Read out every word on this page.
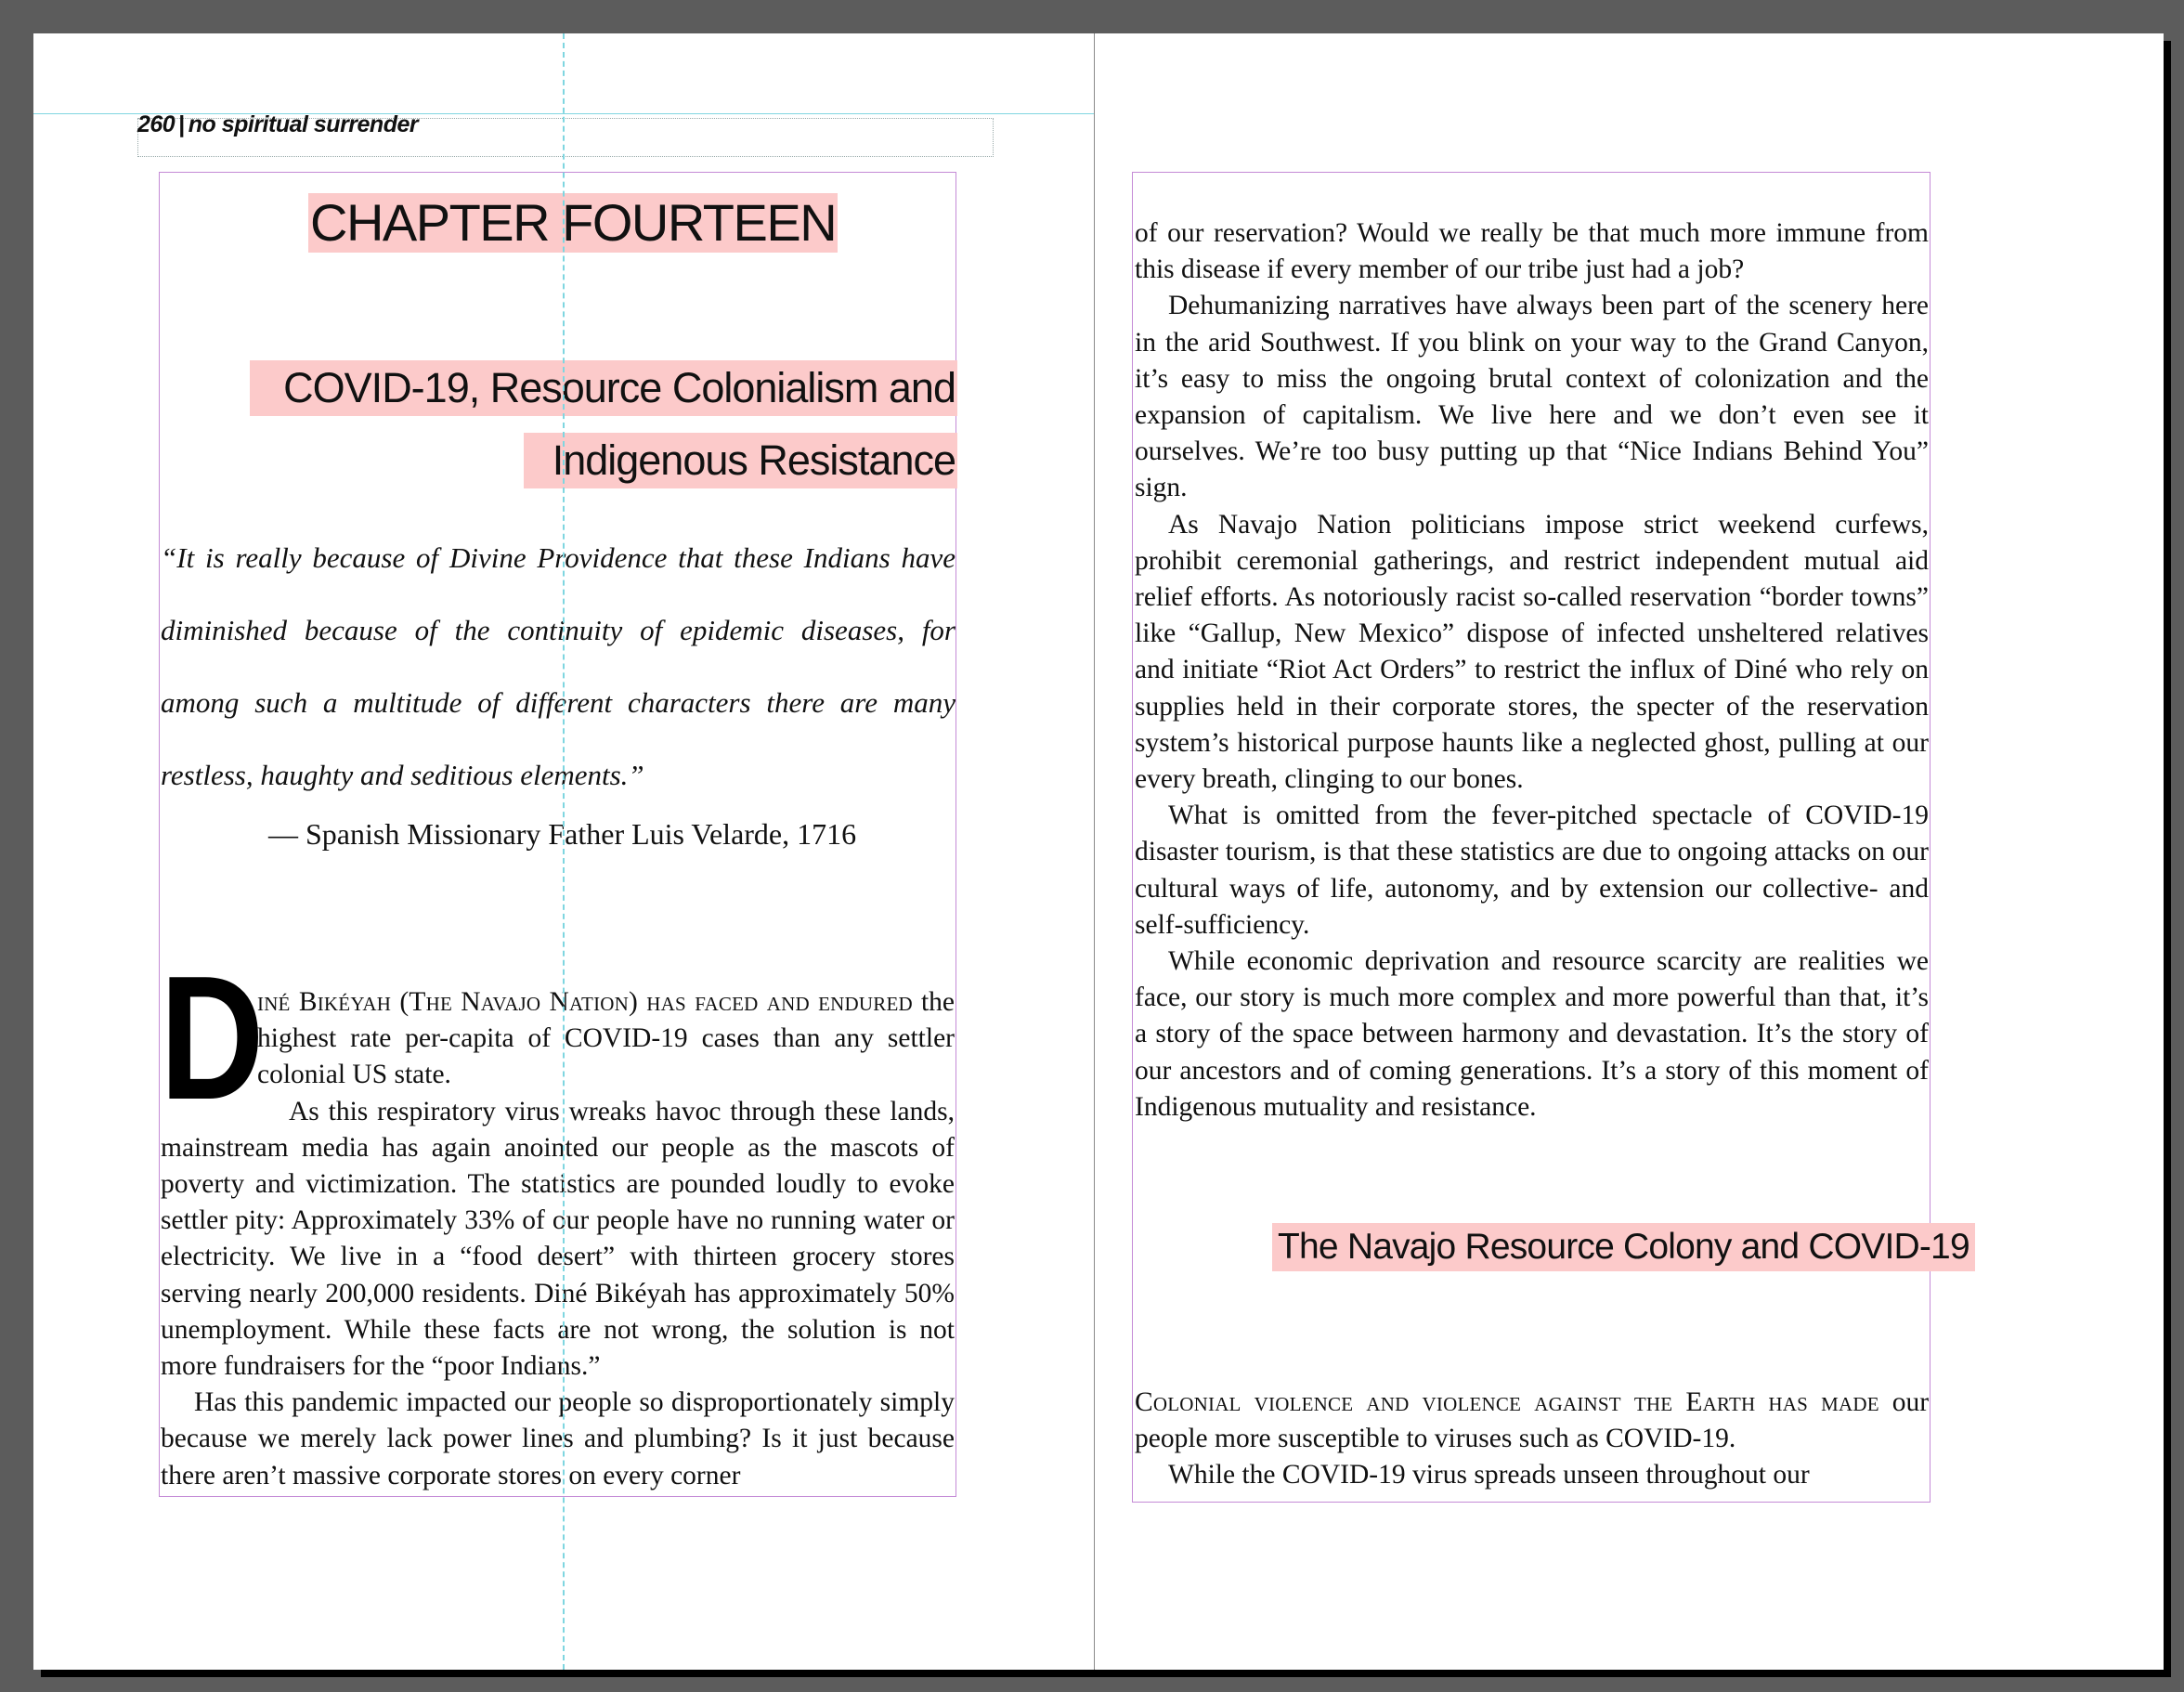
260 | no spiritual surrender
CHAPTER FOURTEEN
COVID-19, Resource Colonialism and
Indigenous Resistance
“It is really because of Divine Providence that these Indians have diminished because of the continuity of epidemic diseases, for among such a multitude of different characters there are many restless, haughty and seditious elements.”
— Spanish Missionary Father Luis Velarde, 1716
D

iné Bikéyah (The Navajo Nation) has faced and endured the highest rate per-capita of COVID-19 cases than any settler colonial US state.

As this respiratory virus wreaks havoc through these lands, mainstream media has again anointed our people as the mascots of poverty and victimization. The statistics are pounded loudly to evoke settler pity: Approximately 33% of our people have no running water or electricity. We live in a “food desert” with thirteen grocery stores serving nearly 200,000 residents. Diné Bikéyah has approximately 50% unemployment. While these facts are not wrong, the solution is not more fundraisers for the “poor Indians.”

Has this pandemic impacted our people so disproportionately simply because we merely lack power lines and plumbing? Is it just because there aren’t massive corporate stores on every corner

of our reservation? Would we really be that much more immune from this disease if every member of our tribe just had a job?

Dehumanizing narratives have always been part of the scenery here in the arid Southwest. If you blink on your way to the Grand Canyon, it’s easy to miss the ongoing brutal context of colonization and the expansion of capitalism. We live here and we don’t even see it ourselves. We’re too busy putting up that “Nice Indians Behind You” sign.

As Navajo Nation politicians impose strict weekend curfews, prohibit ceremonial gatherings, and restrict independent mutual aid relief efforts. As notoriously racist so-called reservation “border towns” like “Gallup, New Mexico” dispose of infected unsheltered relatives and initiate “Riot Act Orders” to restrict the influx of Diné who rely on supplies held in their corporate stores, the specter of the reservation system’s historical purpose haunts like a neglected ghost, pulling at our every breath, clinging to our bones.

What is omitted from the fever-pitched spectacle of COVID-19 disaster tourism, is that these statistics are due to ongoing attacks on our cultural ways of life, autonomy, and by extension our collective- and self-sufficiency.

While economic deprivation and resource scarcity are realities we face, our story is much more complex and more powerful than that, it’s a story of the space between harmony and devastation. It’s the story of our ancestors and of coming generations. It’s a story of this moment of Indigenous mutuality and resistance.

The Navajo Resource Colony and COVID-19

Colonial violence and violence against the Earth has made our people more susceptible to viruses such as COVID-19.

While the COVID-19 virus spreads unseen throughout our
